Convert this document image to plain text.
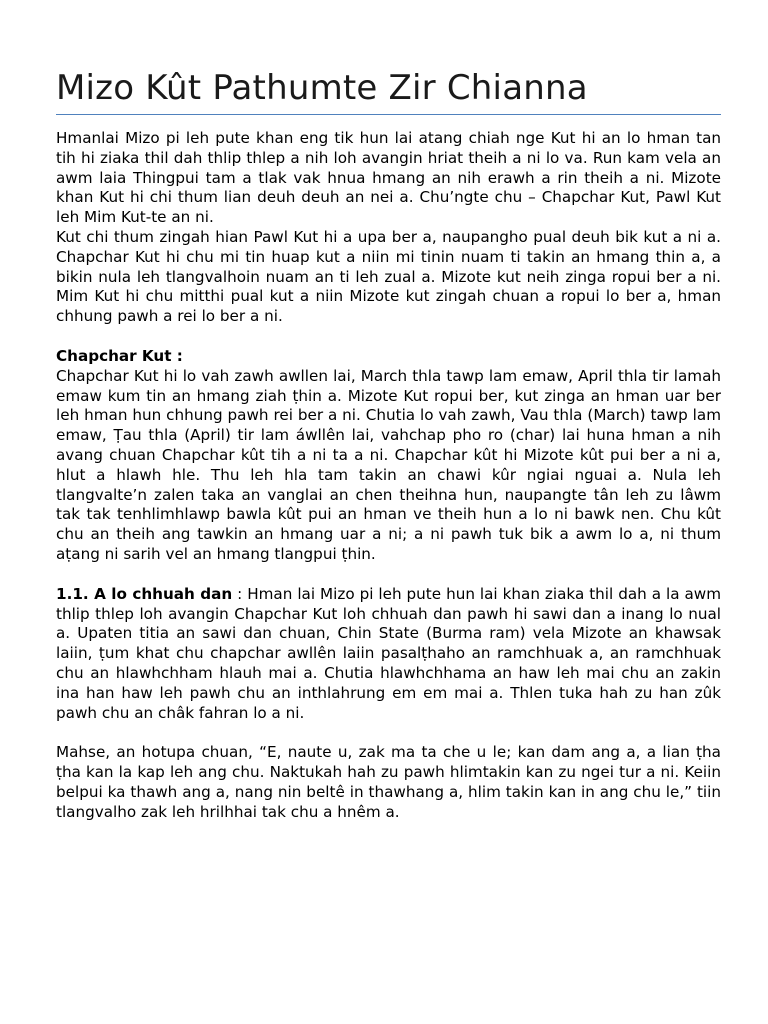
Mizo Kût Pathumte Zir Chianna

Hmanlai Mizo pi leh pute khan eng tik hun lai atang chiah nge Kut hi an lo hman tan tih hi ziaka thil dah thlip thlep a nih loh avangin hriat theih a ni lo va. Run kam vela an awm laia Thingpui tam a tlak vak hnua hmang an nih erawh a rin theih a ni. Mizote khan Kut hi chi thum lian deuh deuh an nei a. Chu’ngte chu – Chapchar Kut, Pawl Kut leh Mim Kut-te an ni.

Kut chi thum zingah hian Pawl Kut hi a upa ber a, naupangho pual deuh bik kut a ni a. Chapchar Kut hi chu mi tin huap kut a niin mi tinin nuam ti takin an hmang thin a, a bikin nula leh tlangvalhoin nuam an ti leh zual a. Mizote kut neih zinga ropui ber a ni. Mim Kut hi chu mitthi pual kut a niin Mizote kut zingah chuan a ropui lo ber a, hman chhung pawh a rei lo ber a ni.

Chapchar Kut :

Chapchar Kut hi lo vah zawh awllen lai, March thla tawp lam emaw, April thla tir lamah emaw kum tin an hmang ziah ṭhin a. Mizote Kut ropui ber, kut zinga an hman uar ber leh hman hun chhung pawh rei ber a ni. Chutia lo vah zawh, Vau thla (March) tawp lam emaw, Ṭau thla (April) tir lam áwllên lai, vahchap pho ro (char) lai huna hman a nih avang chuan Chapchar kût tih a ni ta a ni. Chapchar kût hi Mizote kût pui ber a ni a, hlut a hlawh hle. Thu leh hla tam takin an chawi kûr ngiai nguai a. Nula leh tlangvalte’n zalen taka an vanglai an chen theihna hun, naupangte tân leh zu lâwm tak tak tenhlimhlawp bawla kût pui an hman ve theih hun a lo ni bawk nen. Chu kût chu an theih ang tawkin an hmang uar a ni; a ni pawh tuk bik a awm lo a, ni thum aṭang ni sarih vel an hmang tlangpui ṭhin.

1.1. A lo chhuah dan : Hman lai Mizo pi leh pute hun lai khan ziaka thil dah a la awm thlip thlep loh avangin Chapchar Kut loh chhuah dan pawh hi sawi dan a inang lo nual a. Upaten titia an sawi dan chuan, Chin State (Burma ram) vela Mizote an khawsak laiin, ṭum khat chu chapchar awllên laiin pasalṭhaho an ramchhuak a, an ramchhuak chu an hlawhchham hlauh mai a. Chutia hlawhchhama an haw leh mai chu an zakin ina han haw leh pawh chu an inthlahrung em em mai a. Thlen tuka hah zu han zûk pawh chu an châk fahran lo a ni.

Mahse, an hotupa chuan, “E, naute u, zak ma ta che u le; kan dam ang a, a lian ṭha ṭha kan la kap leh ang chu. Naktukah hah zu pawh hlimtakin kan zu ngei tur a ni. Keiin belpui ka thawh ang a, nang nin beltê in thawhang a, hlim takin kan in ang chu le,” tiin tlangvalho zak leh hrilhhai tak chu a hnêm a.
